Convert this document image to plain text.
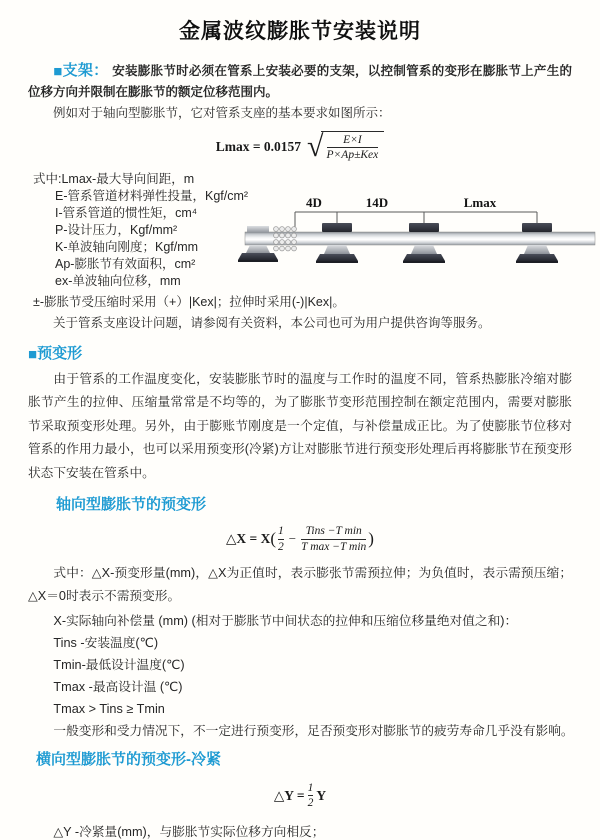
金属波纹膨胀节安装说明

■支架： 安装膨胀节时必须在管系上安装必要的支架，以控制管系的变形在膨胀节上产生的位移方向并限制在膨胀节的额定位移范围内。

例如对于轴向型膨胀节，它对管系支座的基本要求如图所示：

Lmax = 0.0157 √
$\frac{E\times I}{\text{P×Ap±Kex}}$
式中:Lmax-最大导向间距，m
E-管系管道材料弹性投量，Kgf/cm²
I-管系管道的惯性矩，cm⁴
P-设计压力，Kgf/mm²
K-单波轴向刚度；Kgf/mm
Ap-膨胀节有效面积，cm²
ex-单波轴向位移，mm
±-膨胀节受压缩时采用（+）|Kex|；拉伸时采用(-)|Kex|。

关于管系支座设计问题，请参阅有关资料，本公司也可为用户提供咨询等服务。

■预变形

由于管系的工作温度变化，安装膨胀节时的温度与工作时的温度不同，管系热膨胀冷缩对膨胀节产生的拉伸、压缩量常常是不均等的，为了膨胀节变形范围控制在额定范围内，需要对膨胀节采取预变形处理。另外，由于膨账节刚度是一个定值，与补偿量成正比。为了使膨胀节位移对管系的作用力最小，也可以采用预变形(冷紧)方让对膨胀节进行预变形处理后再将膨胀节在预变形状态下安装在管系中。

轴向型膨胀节的预变形

△X = $X( \frac{1}{2} - \frac{\text{Tins −T min}}{\text{T max −T min}}$ )

式中：△X-预变形量(mm)，△X为正值时，表示膨张节需预拉伸；为负值时，表示需预压缩；△X＝0时表示不需预变形。

X-实际轴向补偿量 (mm) (相对于膨胀节中间状态的拉伸和压缩位移量绝对值之和)：
Tins -安装温度(℃)
Tmin-最低设计温度(℃)
Tmax -最高设计温 (℃)
Tmax > Tins ≥ Tmin
一般变形和受力情况下，不一定进行预变形，足否预变形对膨胀节的疲劳寿命几乎没有影响。

横向型膨胀节的预变形-冷紧

△Y = $\frac{1}{2}$ Y

△Y -冷紧量(mm)，与膨胀节实际位移方向相反；

4D	14D	Lmax
